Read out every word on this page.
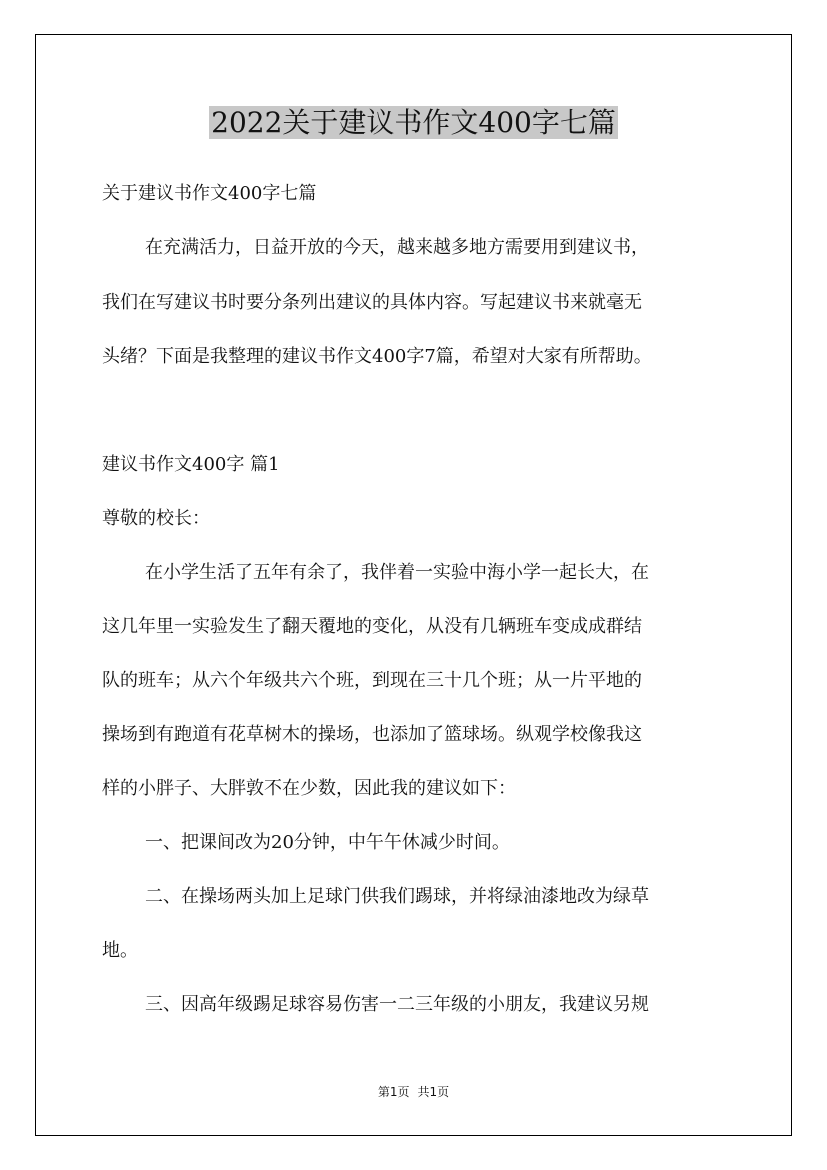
2022关于建议书作文400字七篇
关于建议书作文400字七篇
在充满活力，日益开放的今天，越来越多地方需要用到建议书，
我们在写建议书时要分条列出建议的具体内容。写起建议书来就毫无
头绪？下面是我整理的建议书作文400字7篇，希望对大家有所帮助。
建议书作文400字 篇1
尊敬的校长：
在小学生活了五年有余了，我伴着一实验中海小学一起长大，在
这几年里一实验发生了翻天覆地的变化，从没有几辆班车变成成群结
队的班车；从六个年级共六个班，到现在三十几个班；从一片平地的
操场到有跑道有花草树木的操场，也添加了篮球场。纵观学校像我这
样的小胖子、大胖敦不在少数，因此我的建议如下：
一、把课间改为20分钟，中午午休减少时间。
二、在操场两头加上足球门供我们踢球，并将绿油漆地改为绿草
地。
三、因高年级踢足球容易伤害一二三年级的小朋友，我建议另规
第1页 共1页
